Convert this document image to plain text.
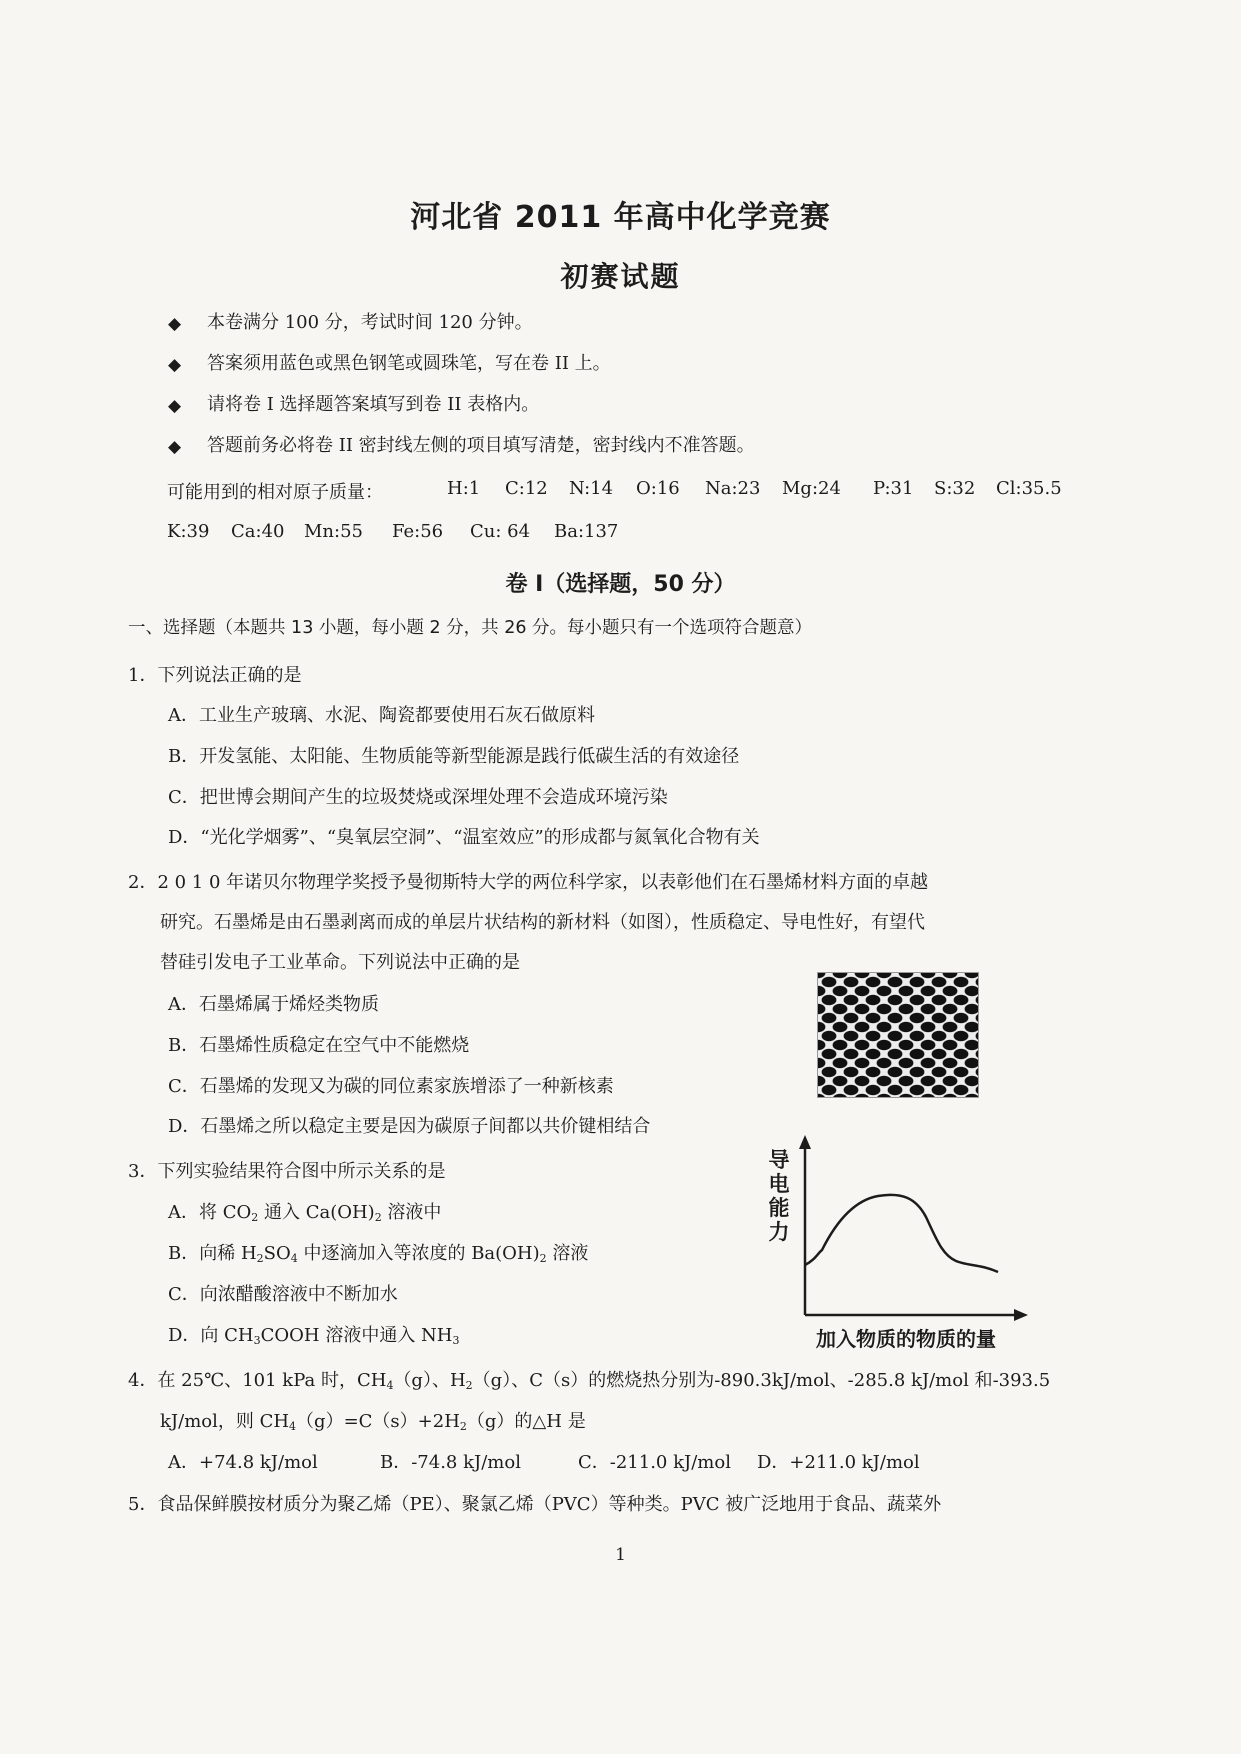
河北省 2011 年高中化学竞赛
初赛试题
◆ 本卷满分 100 分，考试时间 120 分钟。
◆ 答案须用蓝色或黑色钢笔或圆珠笔，写在卷 II 上。
◆ 请将卷 I 选择题答案填写到卷 II 表格内。
◆ 答题前务必将卷 II 密封线左侧的项目填写清楚，密封线内不准答题。
可能用到的相对原子质量：	H:1 C:12 N:14 O:16 Na:23 Mg:24 P:31 S:32 Cl:35.5
K:39 Ca:40 Mn:55 Fe:56 Cu: 64 Ba:137
卷 I（选择题，50 分）
一、选择题（本题共 13 小题，每小题 2 分，共 26 分。每小题只有一个选项符合题意）
1．下列说法正确的是
A．工业生产玻璃、水泥、陶瓷都要使用石灰石做原料
B．开发氢能、太阳能、生物质能等新型能源是践行低碳生活的有效途径
C．把世博会期间产生的垃圾焚烧或深埋处理不会造成环境污染
D．“光化学烟雾”、“臭氧层空洞”、“温室效应”的形成都与氮氧化合物有关
2．2 0 1 0 年诺贝尔物理学奖授予曼彻斯特大学的两位科学家，以表彰他们在石墨烯材料方面的卓越
研究。石墨烯是由石墨剥离而成的单层片状结构的新材料（如图），性质稳定、导电性好，有望代
替硅引发电子工业革命。下列说法中正确的是
A．石墨烯属于烯烃类物质
B．石墨烯性质稳定在空气中不能燃烧
C．石墨烯的发现又为碳的同位素家族增添了一种新核素
D．石墨烯之所以稳定主要是因为碳原子间都以共价键相结合
3．下列实验结果符合图中所示关系的是
A．将 $CO_2$ 通入 $Ca(OH)_2$ 溶液中
B．向稀 $H_2SO_4$ 中逐滴加入等浓度的 $Ba(OH)_2$ 溶液
C．向浓醋酸溶液中不断加水
D．向 $CH_3COOH$ 溶液中通入 $NH_3$
导电能力
加入物质的物质的量
4．在 25℃、101 kPa 时，$CH_4(g)$、$H_2(g)$、C（s）的燃烧热分别为-890.3kJ/mol、-285.8 kJ/mol 和-393.5
kJ/mol，则 $CH_4(g)=C(s)+2H_2(g)$的△H 是
A．+74.8 kJ/mol	B．-74.8 kJ/mol	C．-211.0 kJ/mol D．+211.0 kJ/mol
5．食品保鲜膜按材质分为聚乙烯（PE）、聚氯乙烯（PVC）等种类。PVC 被广泛地用于食品、蔬菜外
1
